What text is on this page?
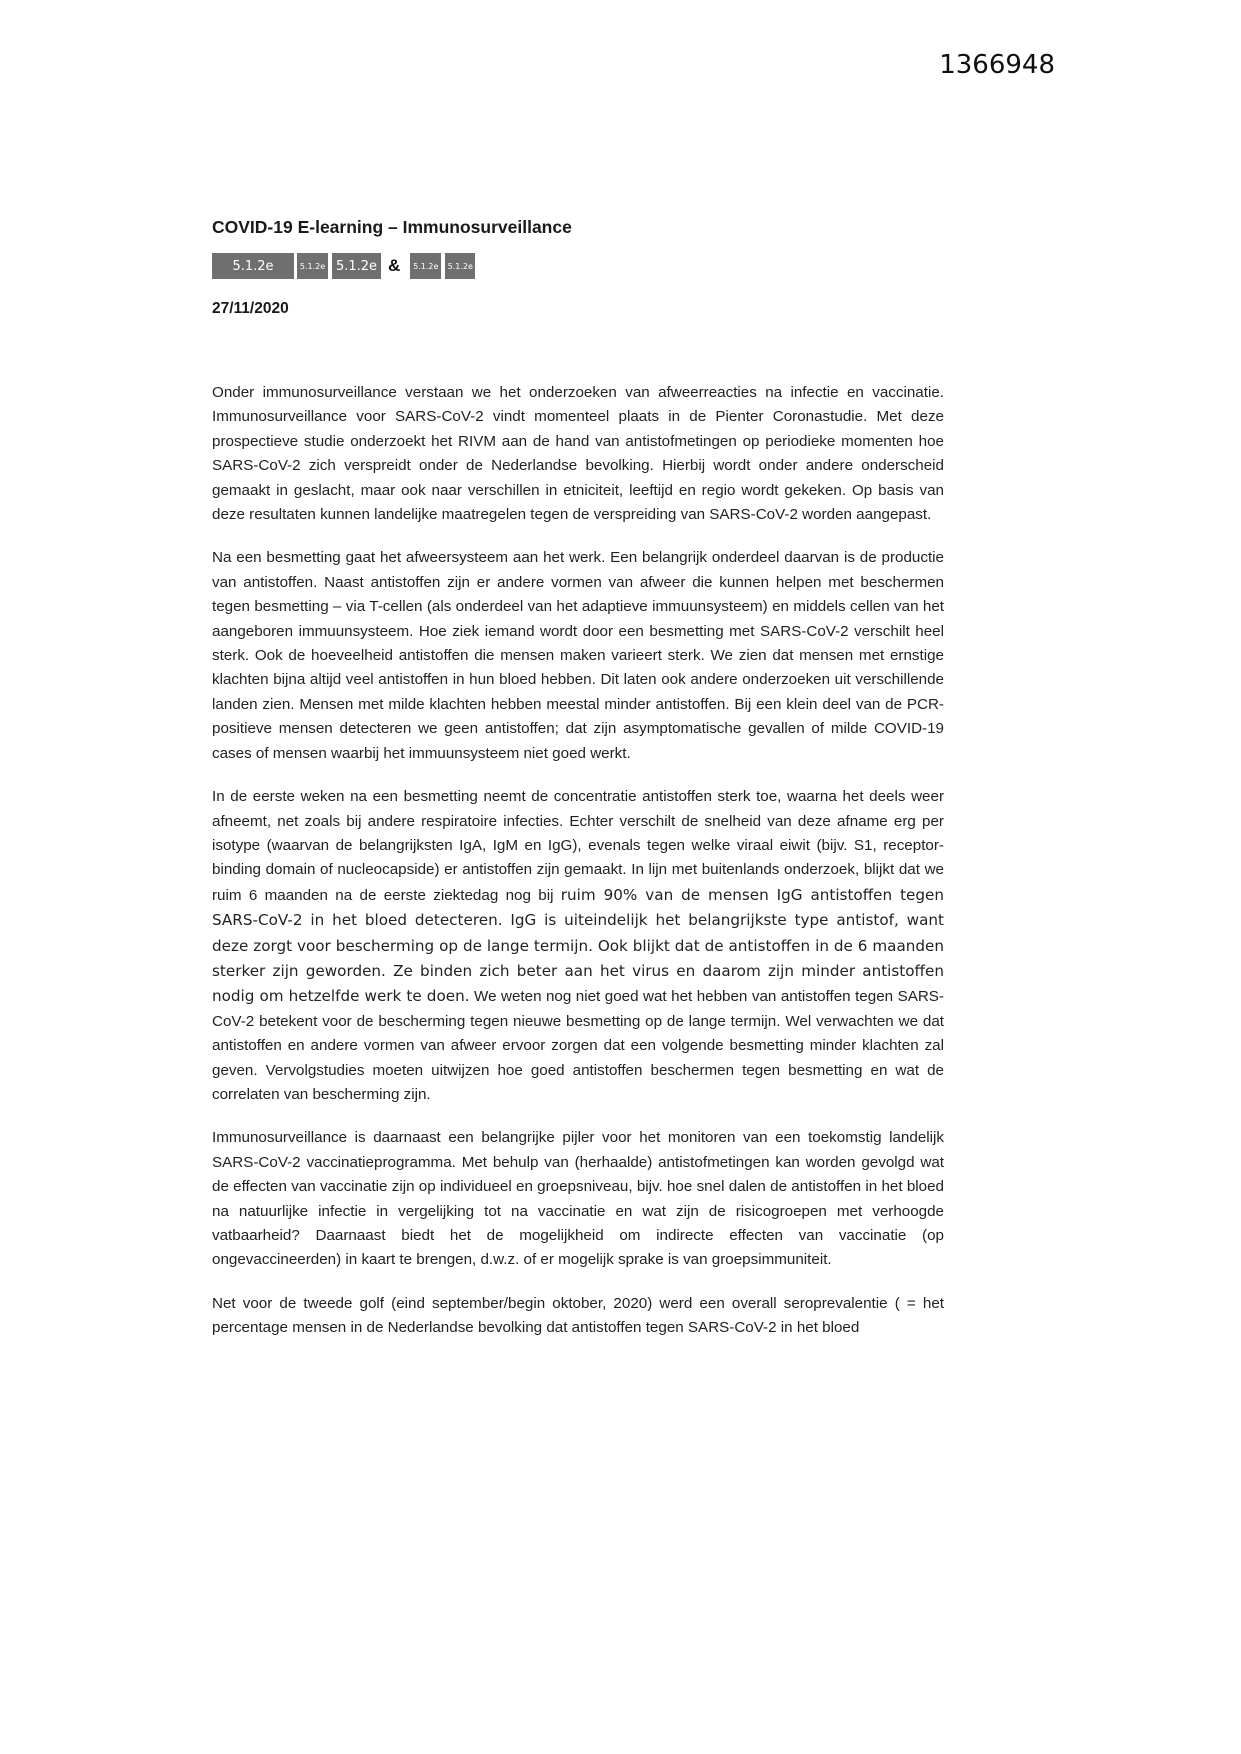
1366948
COVID-19 E-learning – Immunosurveillance
5.1.2e	5.1.2e 5.1.2e &	5.1.2e	5.1.2e
27/11/2020

Onder immunosurveillance verstaan we het onderzoeken van afweerreacties na infectie en vaccinatie. Immunosurveillance voor SARS-CoV-2 vindt momenteel plaats in de Pienter Coronastudie. Met deze prospectieve studie onderzoekt het RIVM aan de hand van antistofmetingen op periodieke momenten hoe SARS-CoV-2 zich verspreidt onder de Nederlandse bevolking. Hierbij wordt onder andere onderscheid gemaakt in geslacht, maar ook naar verschillen in etniciteit, leeftijd en regio wordt gekeken. Op basis van deze resultaten kunnen landelijke maatregelen tegen de verspreiding van SARS-CoV-2 worden aangepast.

Na een besmetting gaat het afweersysteem aan het werk. Een belangrijk onderdeel daarvan is de productie van antistoffen. Naast antistoffen zijn er andere vormen van afweer die kunnen helpen met beschermen tegen besmetting – via T-cellen (als onderdeel van het adaptieve immuunsysteem) en middels cellen van het aangeboren immuunsysteem. Hoe ziek iemand wordt door een besmetting met SARS-CoV-2 verschilt heel sterk. Ook de hoeveelheid antistoffen die mensen maken varieert sterk. We zien dat mensen met ernstige klachten bijna altijd veel antistoffen in hun bloed hebben. Dit laten ook andere onderzoeken uit verschillende landen zien. Mensen met milde klachten hebben meestal minder antistoffen. Bij een klein deel van de PCR-positieve mensen detecteren we geen antistoffen; dat zijn asymptomatische gevallen of milde COVID-19 cases of mensen waarbij het immuunsysteem niet goed werkt.

In de eerste weken na een besmetting neemt de concentratie antistoffen sterk toe, waarna het deels weer afneemt, net zoals bij andere respiratoire infecties. Echter verschilt de snelheid van deze afname erg per isotype (waarvan de belangrijksten IgA, IgM en IgG), evenals tegen welke viraal eiwit (bijv. S1, receptor-binding domain of nucleocapside) er antistoffen zijn gemaakt. In lijn met buitenlands onderzoek, blijkt dat we ruim 6 maanden na de eerste ziektedag nog bij ruim 90% van de mensen IgG antistoffen tegen SARS-CoV-2 in het bloed detecteren. IgG is uiteindelijk het belangrijkste type antistof, want deze zorgt voor bescherming op de lange termijn. Ook blijkt dat de antistoffen in de 6 maanden sterker zijn geworden. Ze binden zich beter aan het virus en daarom zijn minder antistoffen nodig om hetzelfde werk te doen. We weten nog niet goed wat het hebben van antistoffen tegen SARS-CoV-2 betekent voor de bescherming tegen nieuwe besmetting op de lange termijn. Wel verwachten we dat antistoffen en andere vormen van afweer ervoor zorgen dat een volgende besmetting minder klachten zal geven. Vervolgstudies moeten uitwijzen hoe goed antistoffen beschermen tegen besmetting en wat de correlaten van bescherming zijn.

Immunosurveillance is daarnaast een belangrijke pijler voor het monitoren van een toekomstig landelijk SARS-CoV-2 vaccinatieprogramma. Met behulp van (herhaalde) antistofmetingen kan worden gevolgd wat de effecten van vaccinatie zijn op individueel en groepsniveau, bijv. hoe snel dalen de antistoffen in het bloed na natuurlijke infectie in vergelijking tot na vaccinatie en wat zijn de risicogroepen met verhoogde vatbaarheid? Daarnaast biedt het de mogelijkheid om indirecte effecten van vaccinatie (op ongevaccineerden) in kaart te brengen, d.w.z. of er mogelijk sprake is van groepsimmuniteit.

Net voor de tweede golf (eind september/begin oktober, 2020) werd een overall seroprevalentie ( = het percentage mensen in de Nederlandse bevolking dat antistoffen tegen SARS-CoV-2 in het bloed
